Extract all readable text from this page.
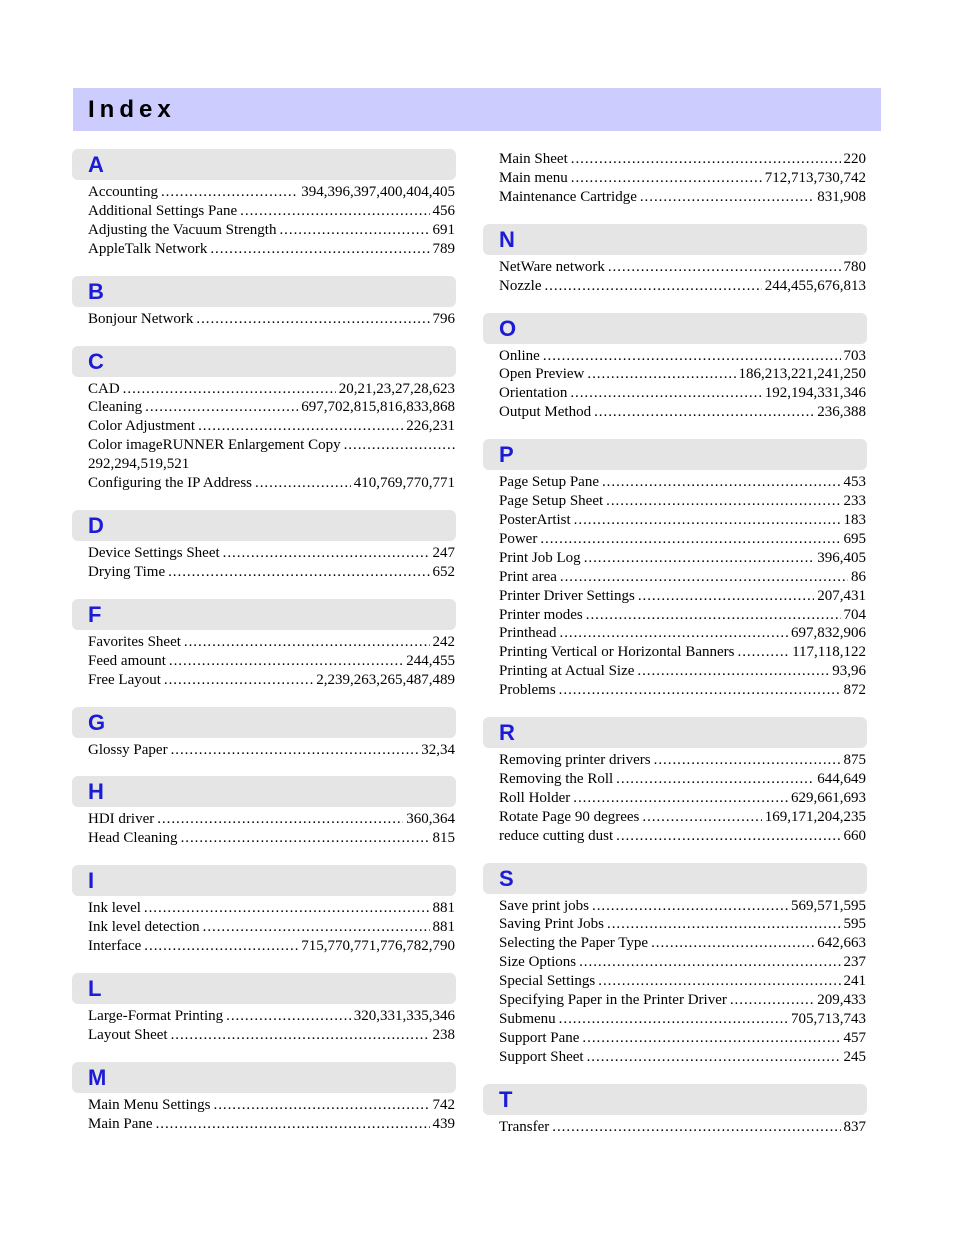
Index
A
Accounting . . .	394,396,397,400,404,405
Additional Settings Pane . . .	456
Adjusting the Vacuum Strength . . .	691
AppleTalk Network . . .	789
B
Bonjour Network . . .	796
C
CAD . . .	20,21,23,27,28,623
Cleaning . . .	697,702,815,816,833,868
Color Adjustment . . .	226,231
Color imageRUNNER Enlargement Copy
. . .
292,294,519,521
Configuring the IP Address . . .	410,769,770,771
D
Device Settings Sheet . . .	247
Drying Time . . .	652
F
Favorites Sheet . . .	242
Feed amount . . .	244,455
Free Layout . . .	2,239,263,265,487,489
G
Glossy Paper . . .	32,34
H
HDI driver . . .	360,364
Head Cleaning . . .	815
I
Ink level . . .	881
Ink level detection . . .	881
Interface . . .	715,770,771,776,782,790
L
Large-Format Printing . . .	320,331,335,346
Layout Sheet . . .	238
M
Main Menu Settings . . .	742
Main Pane . . .	439
Main Sheet . . .	220
Main menu . . .	712,713,730,742
Maintenance Cartridge . . .	831,908
N
NetWare network . . .	780
Nozzle . . .	244,455,676,813
O
Online . . .	703
Open Preview . . .	186,213,221,241,250
Orientation . . .	192,194,331,346
Output Method . . .	236,388
P
Page Setup Pane . . .	453
Page Setup Sheet . . .	233
PosterArtist . . .	183
Power . . .	695
Print Job Log . . .	396,405
Print area . . .	86
Printer Driver Settings . . .	207,431
Printer modes . . .	704
Printhead . . .	697,832,906
Printing Vertical or Horizontal Banners . . .	117,118,122
Printing at Actual Size . . .	93,96
Problems . . .	872
R
Removing printer drivers . . .	875
Removing the Roll . . .	644,649
Roll Holder . . .	629,661,693
Rotate Page 90 degrees . . .	169,171,204,235
reduce cutting dust . . .	660
S
Save print jobs . . .	569,571,595
Saving Print Jobs . . .	595
Selecting the Paper Type . . .	642,663
Size Options . . .	237
Special Settings . . .	241
Specifying Paper in the Printer Driver . . .	209,433
Submenu . . .	705,713,743
Support Pane . . .	457
Support Sheet . . .	245
T
Transfer . . .	837
